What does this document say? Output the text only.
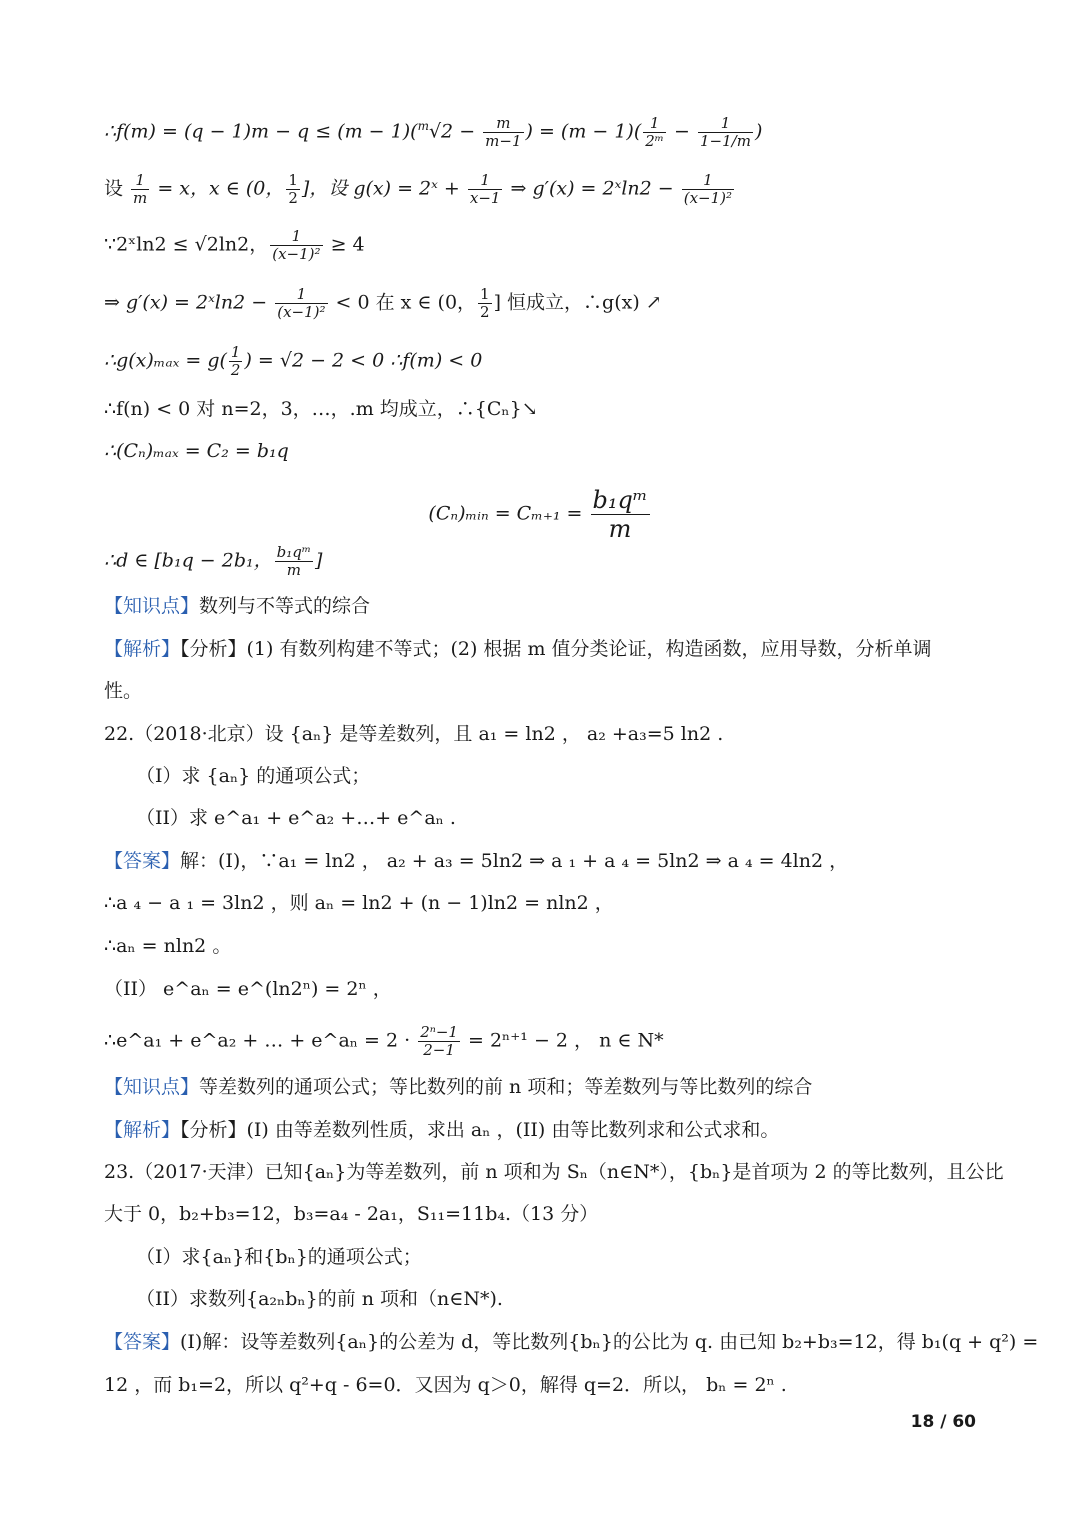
∴f(m) = $(q - 1)m - q \le (m - 1)(^m√2 - \frac{m}{m-1}$ ) = $(m - 1)( \frac{1}{\text{2ᵐ}} - \frac{1}{1-1/m}$ )
设 $\frac{1}{m} = x$，x ∈ (0， $\frac{1}{2}$ ]，设 g(x) = 2ˣ + $\frac{1}{x-1}$ ⇒ g′(x) = 2ˣln2 − $\frac{1}{\text{(x−1)²}}$
∵2ˣln2 ≤ √2ln2， $\frac{1}{\text{(x−1)²}} \ge 4$
⇒ g′(x) = 2ˣln2 − $\frac{1}{\text{(x−1)²}} < 0$ 在 x ∈ (0， $\frac{1}{2}$ ] 恒成立，∴g(x) ↗
∴g(x)ₘₐₓ = $g( \frac{1}{2}$ ) = √2 − 2 < 0 ∴f(m) < 0
∴f(n) < 0 对 n=2，3，…，.m 均成立，∴{Cₙ}↘
∴(Cₙ)ₘₐₓ = C₂ = b₁q
(Cₙ)ₘᵢₙ = $C_{m+1} = \frac{\text{b₁qᵐ}}{m}$
∴d ∈ [b₁q − 2b₁， $\frac{\text{b₁qᵐ}}{m}$ ]
【知识点】数列与不等式的综合
【解析】【分析】(1) 有数列构建不等式；(2) 根据 m 值分类论证，构造函数，应用导数，分析单调
性。
22.（2018·北京）设 {aₙ} 是等差数列，且 a₁ = ln2 ， a₂ +a₃=5 ln2 .
（I）求 {aₙ} 的通项公式；
（II）求 e^a₁ + e^a₂ +…+ e^aₙ .
【答案】解：(I)，∵a₁ = ln2 ， a₂ + a₃ = 5ln2 ⇒ a ₁ + a ₄ = 5ln2 ⇒ a ₄ = 4ln2 ，
∴a ₄ − a ₁ = 3ln2 ，则 aₙ = ln2 + (n − 1)ln2 = nln2 ，
∴aₙ = nln2 。
（II） e^aₙ = e^(ln2ⁿ) = 2ⁿ ，
∴e^a₁ + e^a₂ + … + e^aₙ = $2 \cdot \frac{\text{2ⁿ−1}}{2-1} = 2^{n+1} - 2$ ， n ∈ N*
【知识点】等差数列的通项公式；等比数列的前 n 项和；等差数列与等比数列的综合
【解析】【分析】(I) 由等差数列性质，求出 aₙ ，(II) 由等比数列求和公式求和。
23.（2017·天津）已知{aₙ}为等差数列，前 n 项和为 Sₙ（n∈N*），{bₙ}是首项为 2 的等比数列，且公比
大于 0，b₂+b₃=12，b₃=a₄ - 2a₁，S₁₁=11b₄.（13 分）
（I）求{aₙ}和{bₙ}的通项公式；
（II）求数列{a₂ₙbₙ}的前 n 项和（n∈N*).
【答案】(I)解：设等差数列{aₙ}的公差为 d，等比数列{bₙ}的公比为 q. 由已知 b₂+b₃=12，得 b₁(q + q²) =
12 ，而 b₁=2，所以 q²+q - 6=0．又因为 q＞0，解得 q=2．所以， bₙ = 2ⁿ .
18 / 60
